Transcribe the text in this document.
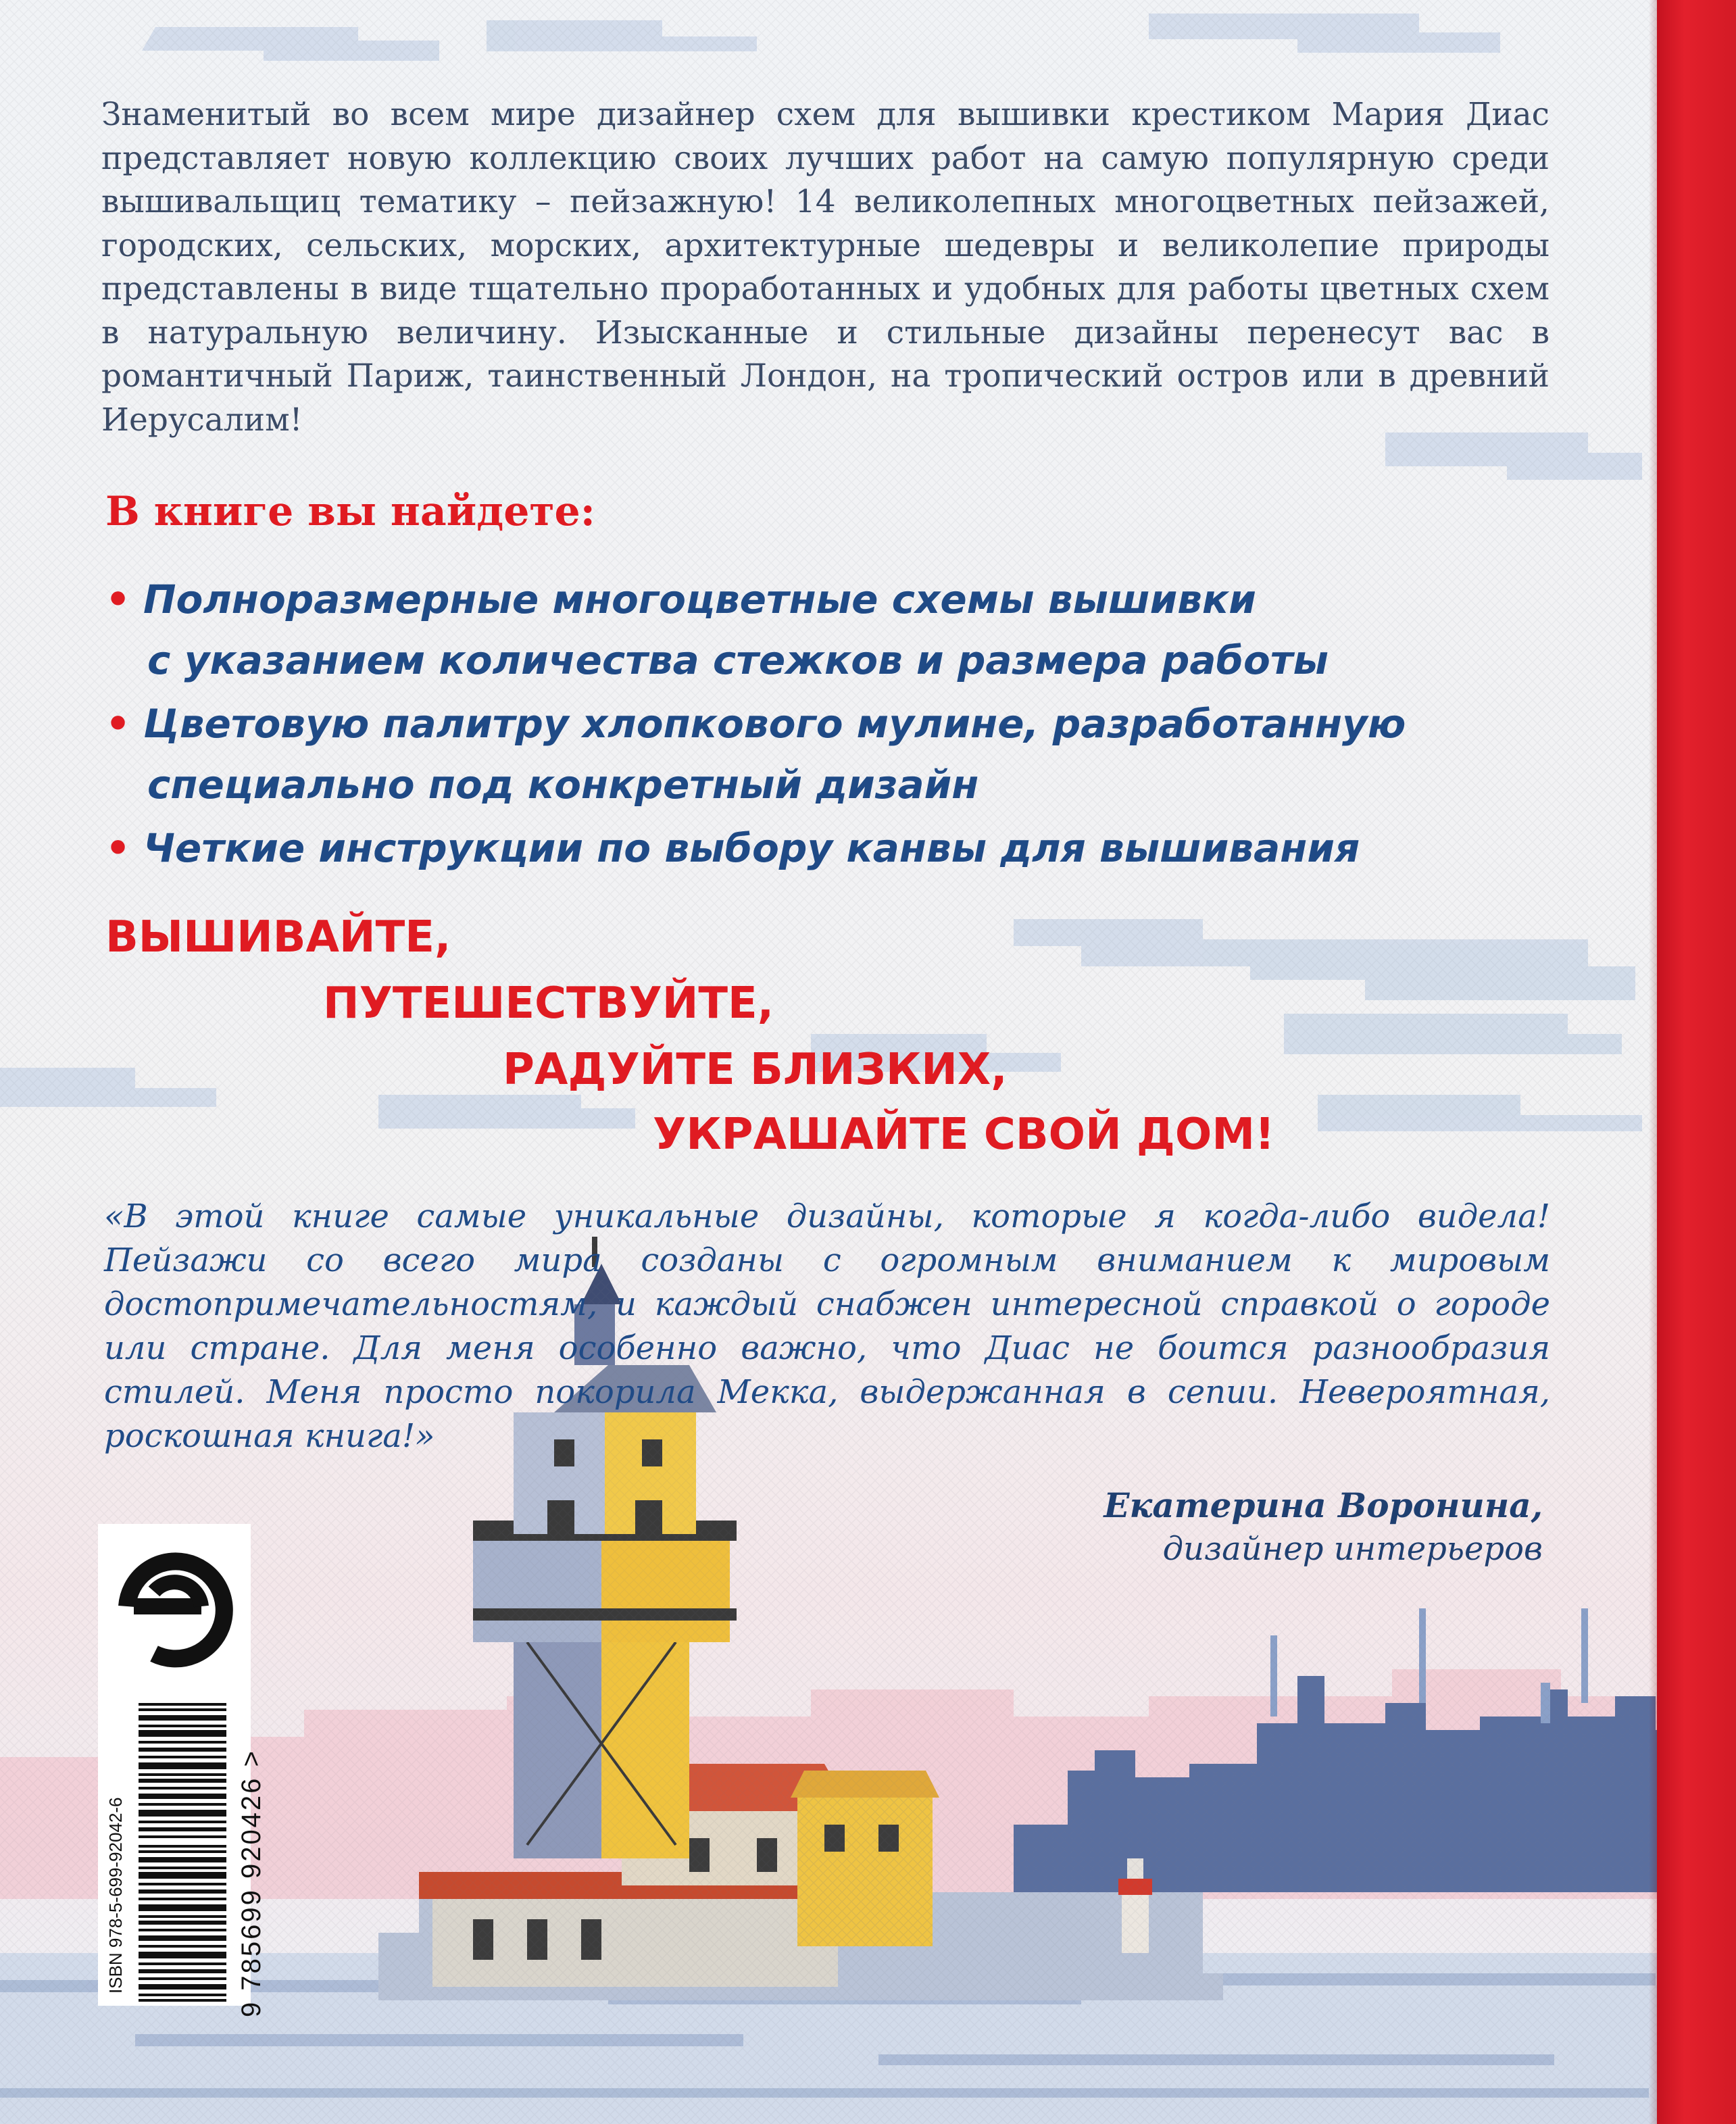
Знаменитый во всем мире дизайнер схем для вышивки крестиком Мария Диас представляет новую коллекцию своих лучших работ на самую популярную среди вышивальщиц тематику – пейзажную! 14 великолепных многоцветных пейзажей, городских, сельских, морских, архитектурные шедевры и великолепие природы представлены в виде тщательно проработанных и удобных для работы цветных схем в натуральную величину. Изысканные и стильные дизайны перенесут вас в романтичный Париж, таинственный Лондон, на тропический остров или в древний Иерусалим!

В книге вы найдете:
• Полноразмерные многоцветные схемы вышивки
с указанием количества стежков и размера работы
• Цветовую палитру хлопкового мулине, разработанную
специально под конкретный дизайн
• Четкие инструкции по выбору канвы для вышивания
ВЫШИВАЙТЕ,
ПУТЕШЕСТВУЙТЕ,
РАДУЙТЕ БЛИЗКИХ,
УКРАШАЙТЕ СВОЙ ДОМ!

«В этой книге самые уникальные дизайны, которые я когда-либо видела! Пейзажи со всего мира созданы с огромным вниманием к мировым достопримечательностям, и каждый снабжен интересной справкой о городе или стране. Для меня особенно важно, что Диас не боится разнообразия стилей. Меня просто покорила Мекка, выдержанная в сепии. Невероятная, роскошная книга!»

Екатерина Воронина,
дизайнер интерьеров
ISBN 978-5-699-92042-6	9 785699 920426 >
